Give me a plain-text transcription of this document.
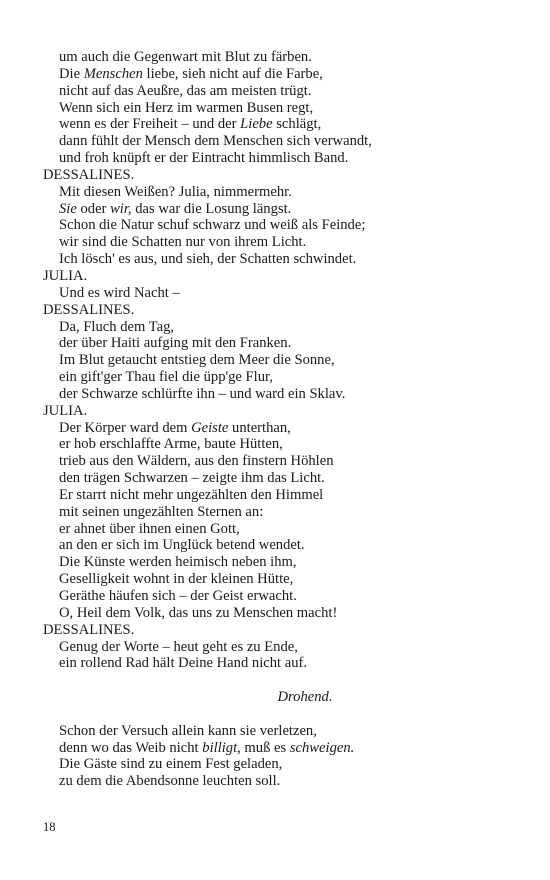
um auch die Gegenwart mit Blut zu färben.
Die Menschen liebe, sieh nicht auf die Farbe,
nicht auf das Aeußre, das am meisten trügt.
Wenn sich ein Herz im warmen Busen regt,
wenn es der Freiheit – und der Liebe schlägt,
dann fühlt der Mensch dem Menschen sich verwandt,
und froh knüpft er der Eintracht himmlisch Band.
DESSALINES.
Mit diesen Weißen? Julia, nimmermehr.
Sie oder wir, das war die Losung längst.
Schon die Natur schuf schwarz und weiß als Feinde;
wir sind die Schatten nur von ihrem Licht.
Ich lösch' es aus, und sieh, der Schatten schwindet.
JULIA.
Und es wird Nacht –
DESSALINES.
Da, Fluch dem Tag,
der über Haiti aufging mit den Franken.
Im Blut getaucht entstieg dem Meer die Sonne,
ein gift'ger Thau fiel die üpp'ge Flur,
der Schwarze schlürfte ihn – und ward ein Sklav.
JULIA.
Der Körper ward dem Geiste unterthan,
er hob erschlaffte Arme, baute Hütten,
trieb aus den Wäldern, aus den finstern Höhlen
den trägen Schwarzen – zeigte ihm das Licht.
Er starrt nicht mehr ungezählten den Himmel
mit seinen ungezählten Sternen an:
er ahnet über ihnen einen Gott,
an den er sich im Unglück betend wendet.
Die Künste werden heimisch neben ihm,
Geselligkeit wohnt in der kleinen Hütte,
Geräthe häufen sich – der Geist erwacht.
O, Heil dem Volk, das uns zu Menschen macht!
DESSALINES.
Genug der Worte – heut geht es zu Ende,
ein rollend Rad hält Deine Hand nicht auf.
Drohend.
Schon der Versuch allein kann sie verletzen,
denn wo das Weib nicht billigt, muß es schweigen.
Die Gäste sind zu einem Fest geladen,
zu dem die Abendsonne leuchten soll.
18
